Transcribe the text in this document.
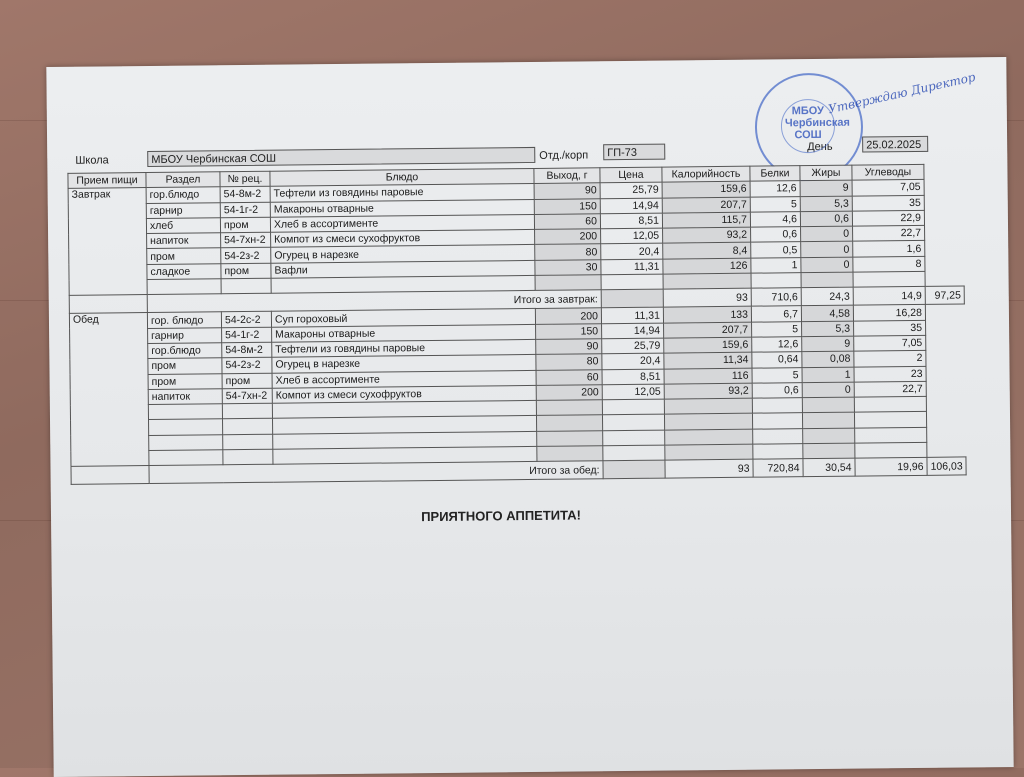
Школа	МБОУ Чербинская СОШ	Отд./корп	ГП-73	День	25.02.2025
МБОУ
Чербинская
СОШ
Утверждаю Директор
Прием пищи	Раздел	№ рец.	Блюдо	Выход, г	Цена	Калорийность	Белки	Жиры	Углеводы	
Завтрак	гор.блюдо	54-8м-2	Тефтели из говядины паровые	90	25,79	159,6	12,6	9	7,05	
	гарнир	54-1г-2	Макароны отварные	150	14,94	207,7	5	5,3	35	
	хлеб	пром	Хлеб в ассортименте	60	8,51	115,7	4,6	0,6	22,9	
	напиток	54-7хн-2	Компот из смеси сухофруктов	200	12,05	93,2	0,6	0	22,7	
	пром	54-2з-2	Огурец в нарезке	80	20,4	8,4	0,5	0	1,6	
	сладкое	пром	Вафли	30	11,31	126	1	0	8	

	Итого за завтрак:					93	710,6	24,3	14,9	97,25
Обед	гор. блюдо	54-2с-2	Суп гороховый	200	11,31	133	6,7	4,58	16,28	
	гарнир	54-1г-2	Макароны отварные	150	14,94	207,7	5	5,3	35	
	гор.блюдо	54-8м-2	Тефтели из говядины паровые	90	25,79	159,6	12,6	9	7,05	
	пром	54-2з-2	Огурец в нарезке	80	20,4	11,34	0,64	0,08	2	
	пром	пром	Хлеб в ассортименте	60	8,51	116	5	1	23	
	напиток	54-7хн-2	Компот из смеси сухофруктов	200	12,05	93,2	0,6	0	22,7	

	Итого за обед:					93	720,84	30,54	19,96	106,03
ПРИЯТНОГО АППЕТИТА!
